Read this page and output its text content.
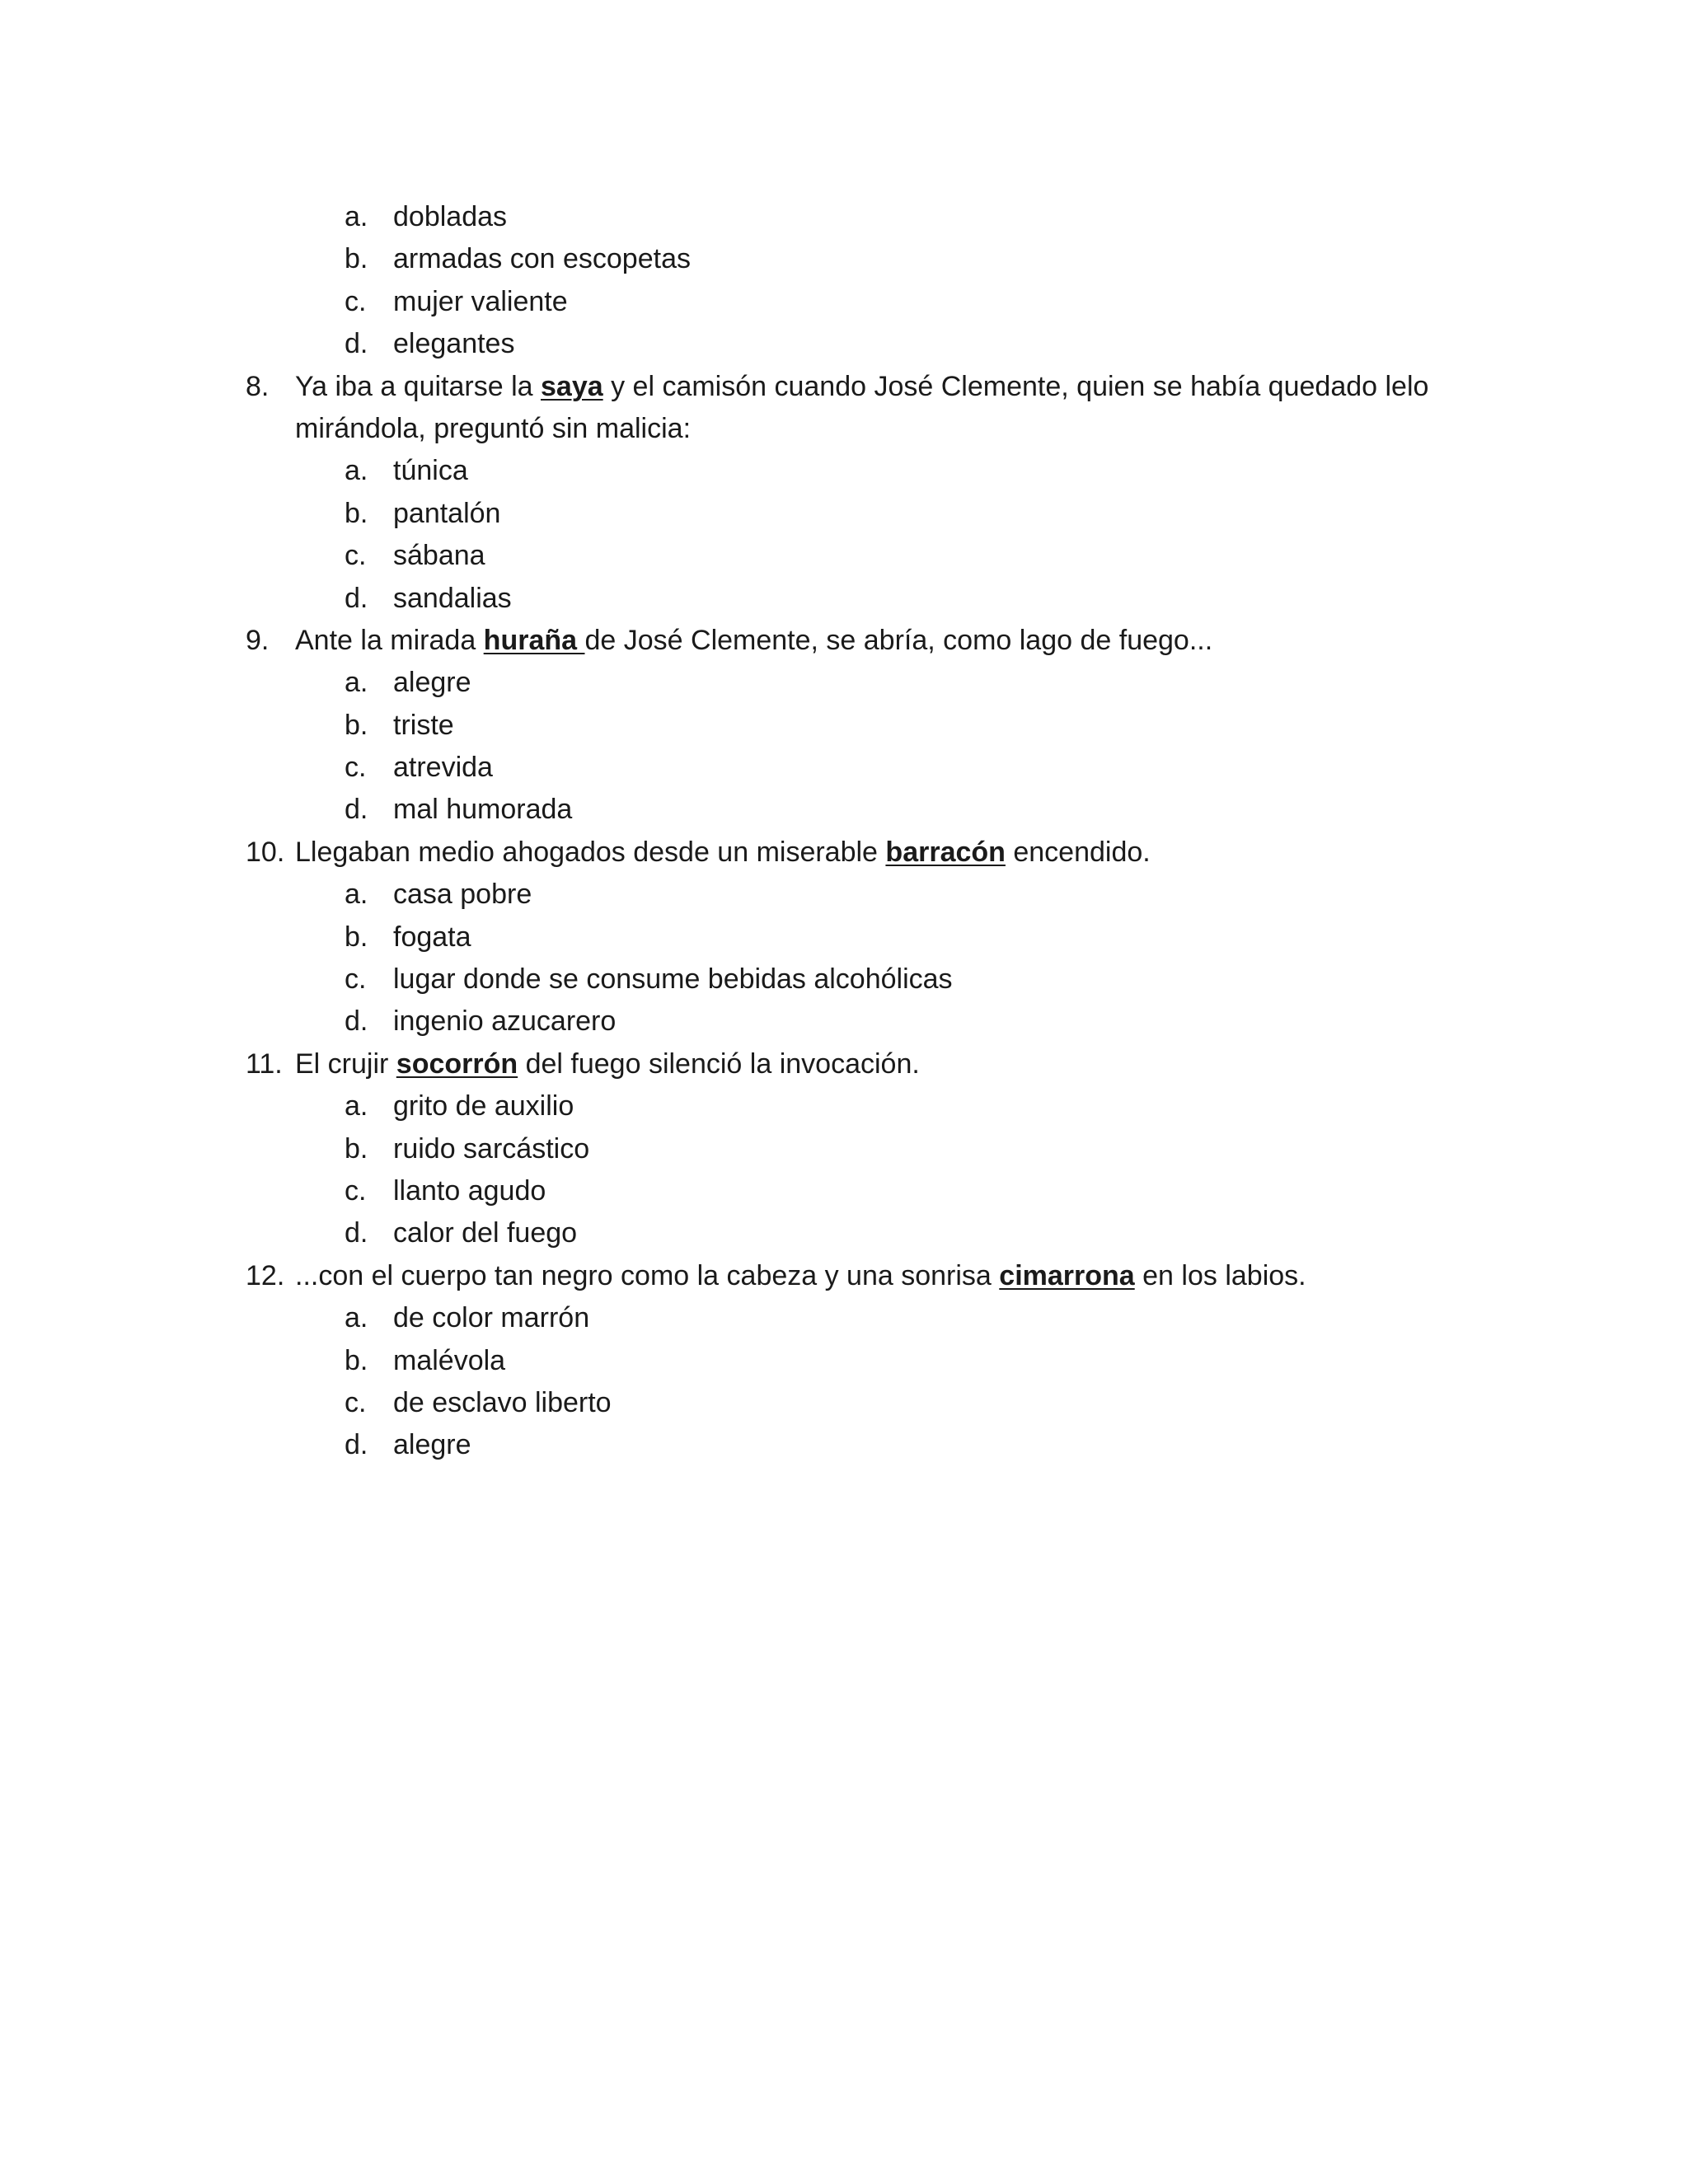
a. dobladas
b. armadas con escopetas
c. mujer valiente
d. elegantes
8. Ya iba a quitarse la saya y el camisón cuando José Clemente, quien se había quedado lelo
mirándola, preguntó sin malicia:
a. túnica
b. pantalón
c. sábana
d. sandalias
9. Ante la mirada huraña de José Clemente, se abría, como lago de fuego...
a. alegre
b. triste
c. atrevida
d. mal humorada
10. Llegaban medio ahogados desde un miserable barracón encendido.
a. casa pobre
b. fogata
c. lugar donde se consume bebidas alcohólicas
d. ingenio azucarero
11. El crujir socorrón del fuego silenció la invocación.
a. grito de auxilio
b. ruido sarcástico
c. llanto agudo
d. calor del fuego
12. ...con el cuerpo tan negro como la cabeza y una sonrisa cimarrona en los labios.
a. de color marrón
b. malévola
c. de esclavo liberto
d. alegre
